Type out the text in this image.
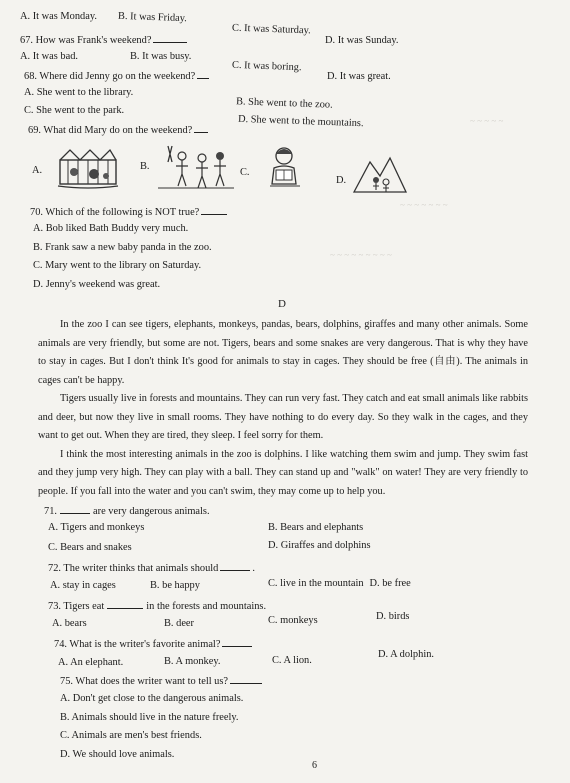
~ ~ ~ ~ ~
~ ~ ~ ~ ~ ~ ~
~ ~ ~ ~ ~ ~ ~ ~ ~
A. It was Monday. B. It was Friday.
C. It was Saturday.
D. It was Sunday.
67. How was Frank's weekend?
A. It was bad.	B. It was busy.
C. It was boring.
D. It was great.
68. Where did Jenny go on the weekend?
A. She went to the library.
B. She went to the zoo.
C. She went to the park.
D. She went to the mountains.
69. What did Mary do on the weekend?
A.	B.
C.
D.
70. Which of the following is NOT true?
A. Bob liked Bath Buddy very much.
B. Frank saw a new baby panda in the zoo.
C. Mary went to the library on Saturday.
D. Jenny's weekend was great.
D

In the zoo I can see tigers, elephants, monkeys, pandas, bears, dolphins, giraffes and many other animals. Some animals are very friendly, but some are not. Tigers, bears and some snakes are very dangerous. That is why they have to stay in cages. But I don't think It's good for animals to stay in cages. They should be free (自由). The animals in cages can't be happy.

Tigers usually live in forests and mountains. They can run very fast. They catch and eat small animals like rabbits and deer, but now they live in small rooms. They have nothing to do every day. So they walk in the cages, and they want to get out. When they are tired, they sleep. I feel sorry for them.

I think the most interesting animals in the zoo is dolphins. I like watching them swim and jump. They swim fast and they jump very high. They can play with a ball. They can stand up and "walk" on water! They are very friendly to people. If you fall into the water and you can't swim, they may come up to help you.

71.	are very dangerous animals.
A. Tigers and monkeys	B. Bears and elephants
C. Bears and snakes	D. Giraffes and dolphins
72. The writer thinks that animals should	.
A. stay in cages	B. be happy	C. live in the mountain D. be free
73. Tigers eat	in the forests and mountains.
A. bears	B. deer	C. monkeys	D. birds
74. What is the writer's favorite animal?
A. An elephant.	B. A monkey.	C. A lion.
D. A dolphin.
75. What does the writer want to tell us?
A. Don't get close to the dangerous animals.
B. Animals should live in the nature freely.
C. Animals are men's best friends.
D. We should love animals.
6
